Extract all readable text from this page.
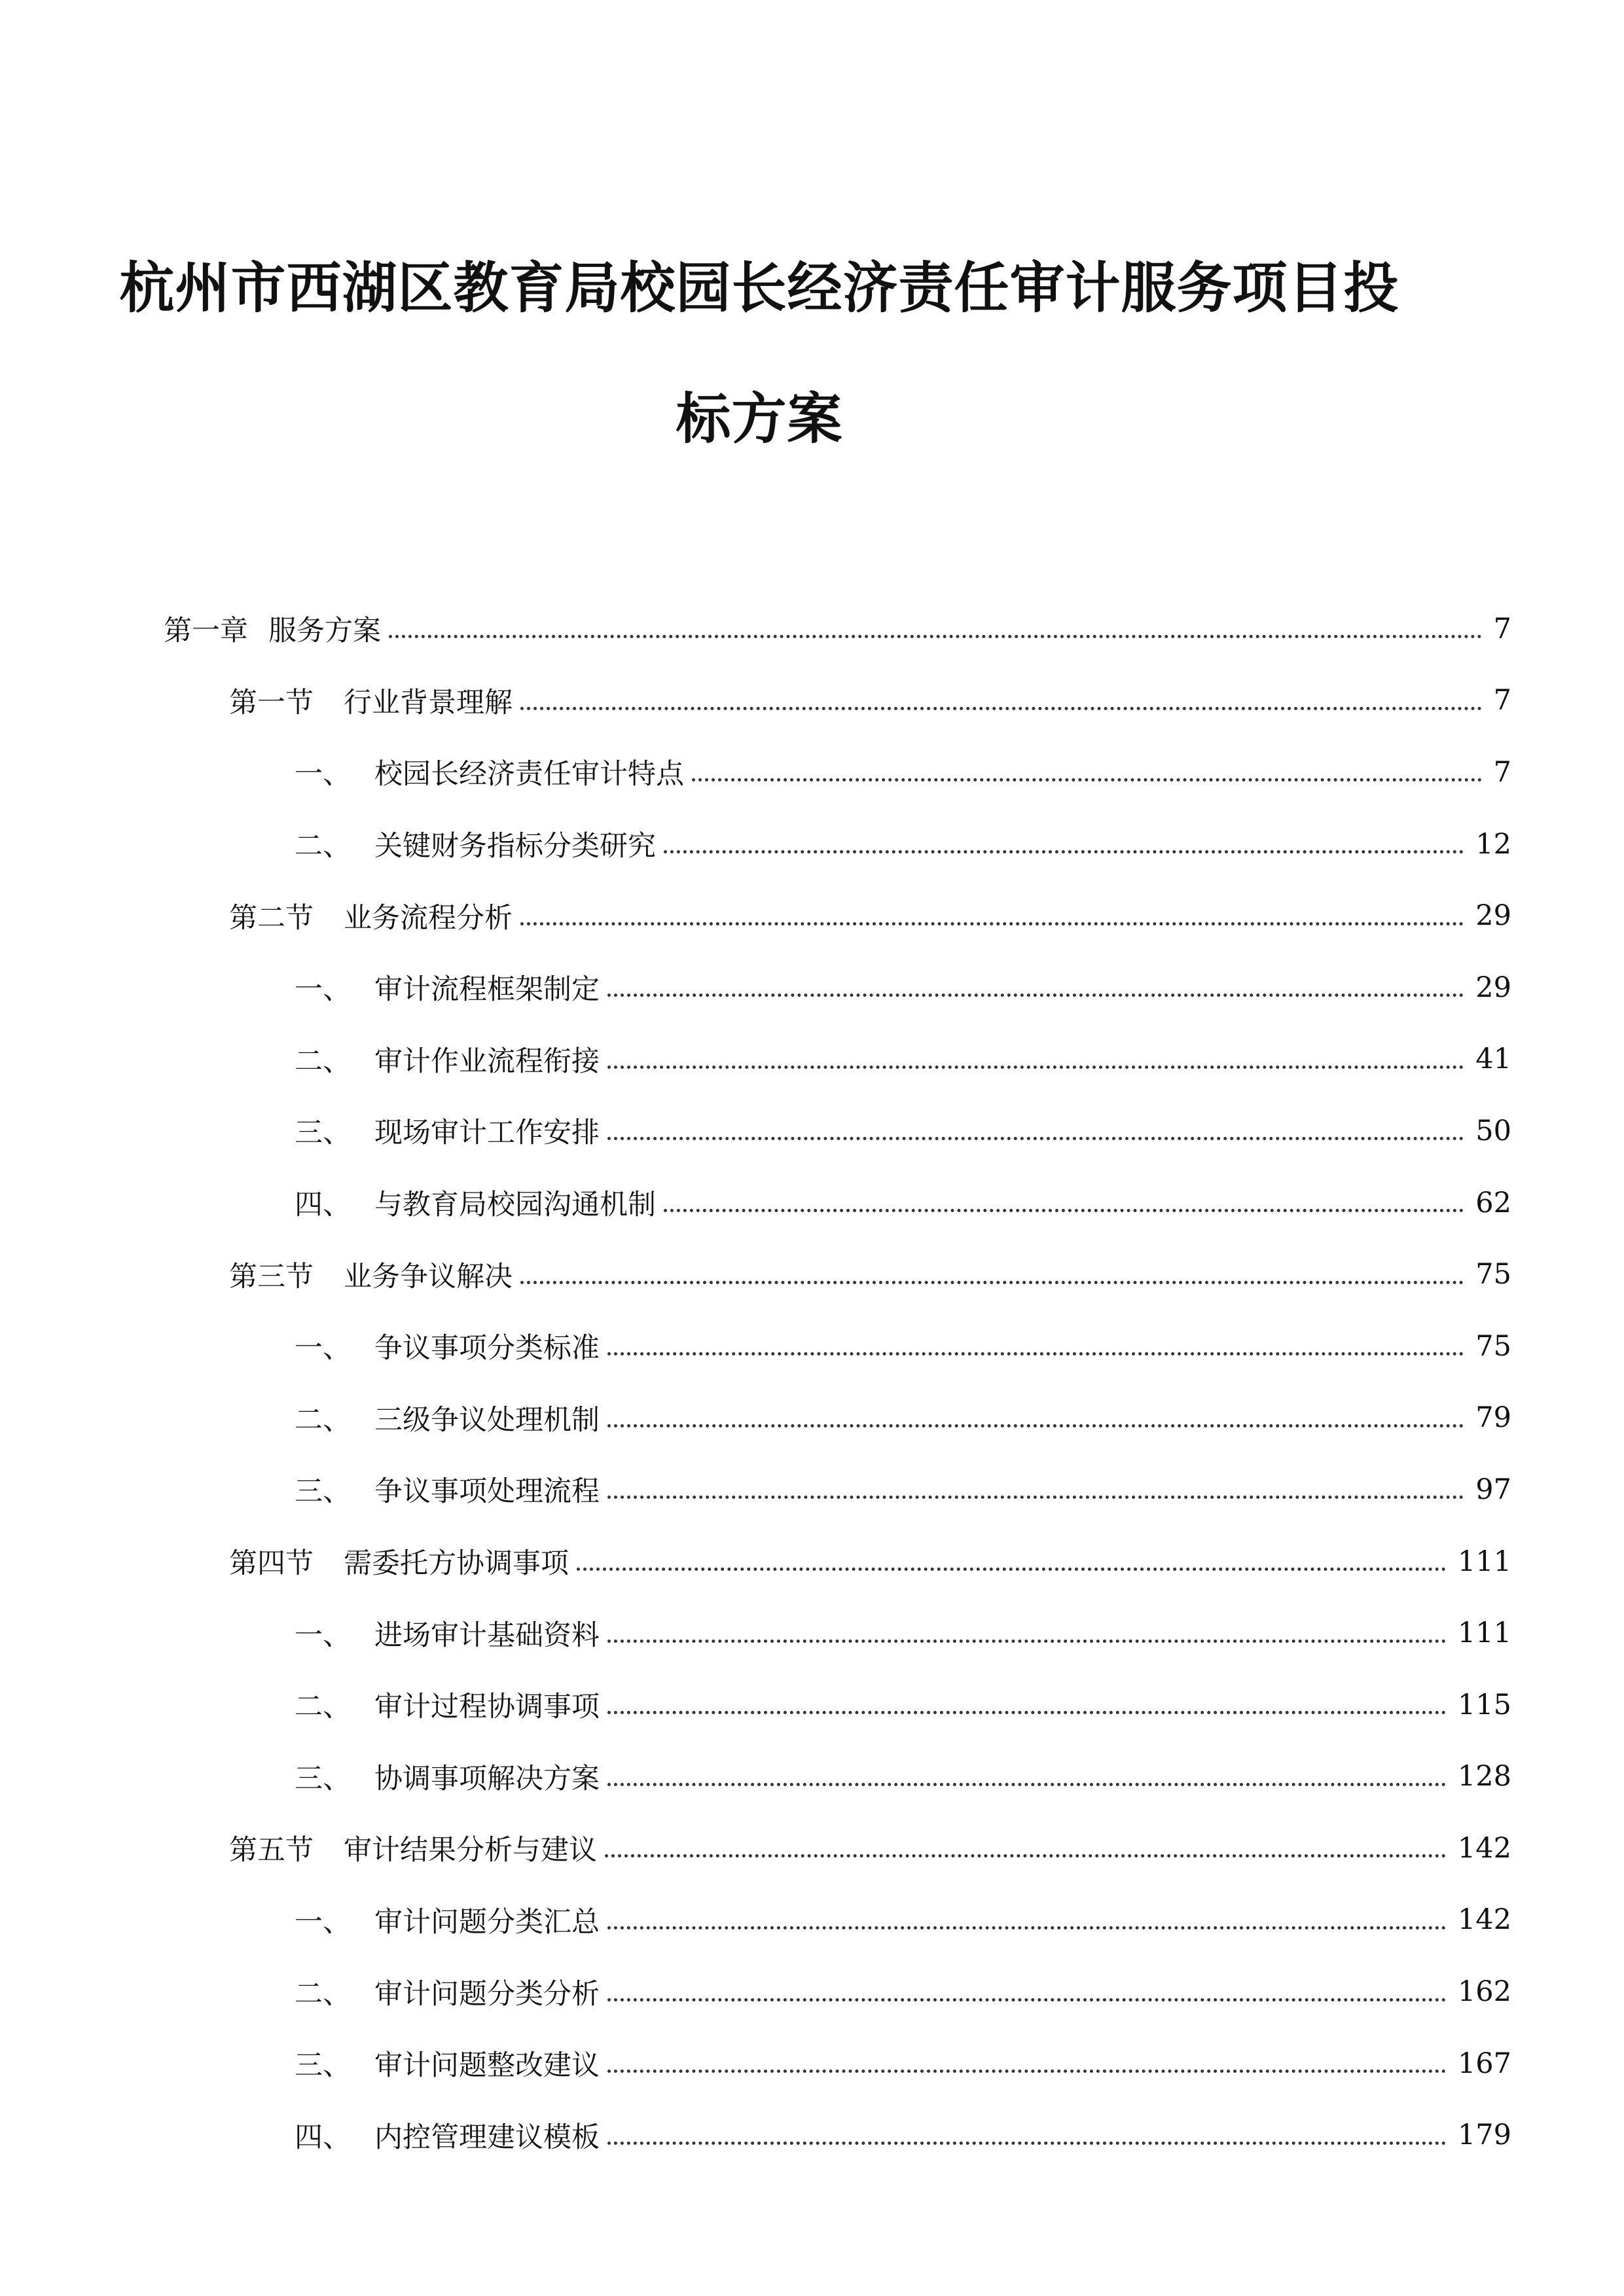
杭州市西湖区教育局校园长经济责任审计服务项目投
标方案
第一章 服务方案	7
第一节	行业背景理解	7
一、 校园长经济责任审计特点	7
二、 关键财务指标分类研究	12
第二节	业务流程分析	29
一、 审计流程框架制定	29
二、 审计作业流程衔接	41
三、 现场审计工作安排	50
四、 与教育局校园沟通机制	62
第三节	业务争议解决	75
一、 争议事项分类标准	75
二、 三级争议处理机制	79
三、 争议事项处理流程	97
第四节	需委托方协调事项	111
一、 进场审计基础资料	111
二、 审计过程协调事项	115
三、 协调事项解决方案	128
第五节	审计结果分析与建议	142
一、 审计问题分类汇总	142
二、 审计问题分类分析	162
三、 审计问题整改建议	167
四、 内控管理建议模板	179
